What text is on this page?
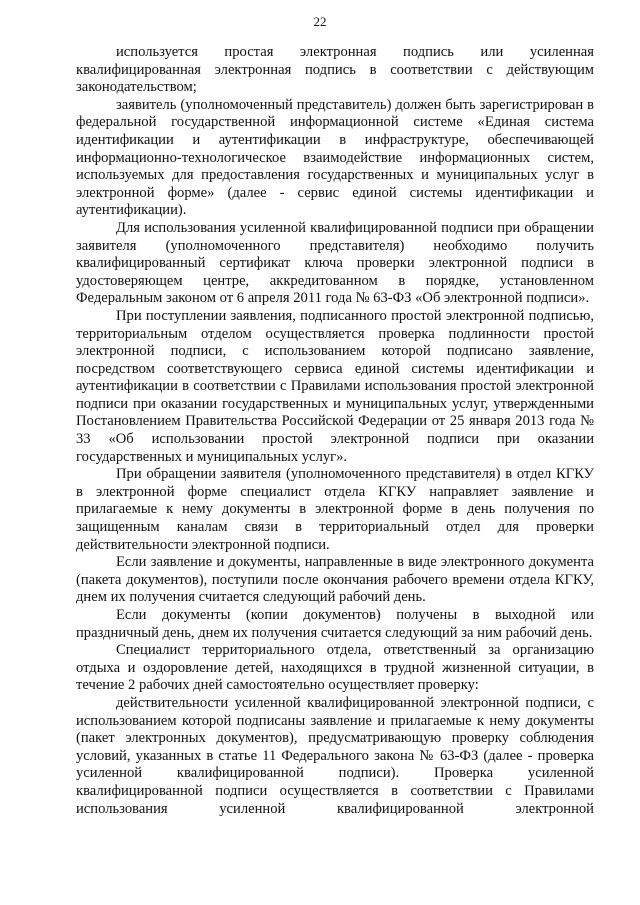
22

используется простая электронная подпись или усиленная квалифицированная электронная подпись в соответствии с действующим законодательством;

заявитель (уполномоченный представитель) должен быть зарегистрирован в федеральной государственной информационной системе «Единая система идентификации и аутентификации в инфраструктуре, обеспечивающей информационно-технологическое взаимодействие информационных систем, используемых для предоставления государственных и муниципальных услуг в электронной форме» (далее - сервис единой системы идентификации и аутентификации).

Для использования усиленной квалифицированной подписи при обращении заявителя (уполномоченного представителя) необходимо получить квалифицированный сертификат ключа проверки электронной подписи в удостоверяющем центре, аккредитованном в порядке, установленном Федеральным законом от 6 апреля 2011 года № 63-ФЗ «Об электронной подписи».

При поступлении заявления, подписанного простой электронной подписью, территориальным отделом осуществляется проверка подлинности простой электронной подписи, с использованием которой подписано заявление, посредством соответствующего сервиса единой системы идентификации и аутентификации в соответствии с Правилами использования простой электронной подписи при оказании государственных и муниципальных услуг, утвержденными Постановлением Правительства Российской Федерации от 25 января 2013 года № 33 «Об использовании простой электронной подписи при оказании государственных и муниципальных услуг».

При обращении заявителя (уполномоченного представителя) в отдел КГКУ в электронной форме специалист отдела КГКУ направляет заявление и прилагаемые к нему документы в электронной форме в день получения по защищенным каналам связи в территориальный отдел для проверки действительности электронной подписи.

Если заявление и документы, направленные в виде электронного документа (пакета документов), поступили после окончания рабочего времени отдела КГКУ, днем их получения считается следующий рабочий день.

Если документы (копии документов) получены в выходной или праздничный день, днем их получения считается следующий за ним рабочий день.

Специалист территориального отдела, ответственный за организацию отдыха и оздоровление детей, находящихся в трудной жизненной ситуации, в течение 2 рабочих дней самостоятельно осуществляет проверку:

действительности усиленной квалифицированной электронной подписи, с использованием которой подписаны заявление и прилагаемые к нему документы (пакет электронных документов), предусматривающую проверку соблюдения условий, указанных в статье 11 Федерального закона № 63-ФЗ (далее - проверка усиленной квалифицированной подписи). Проверка усиленной квалифицированной подписи осуществляется в соответствии с Правилами использования усиленной квалифицированной электронной
